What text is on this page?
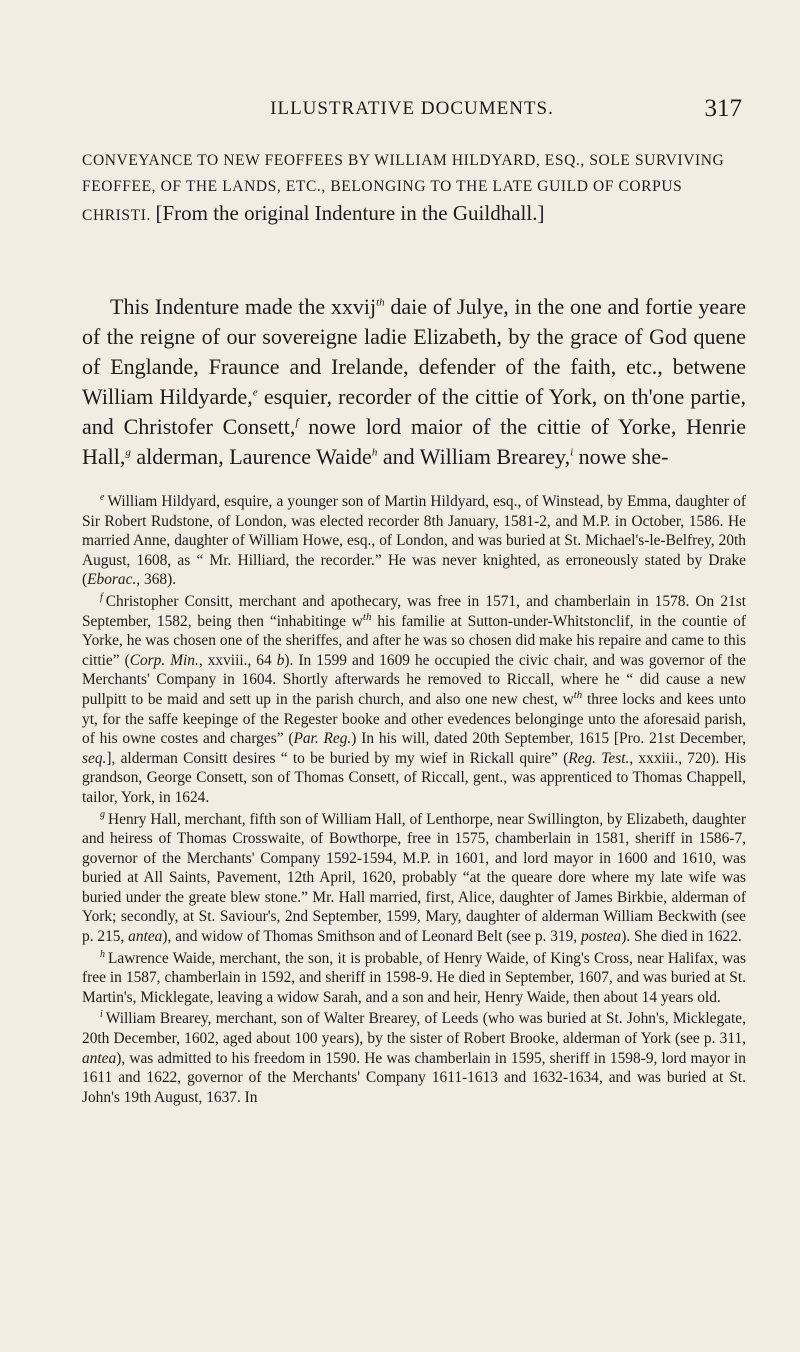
ILLUSTRATIVE DOCUMENTS.	317
CONVEYANCE TO NEW FEOFFEES BY WILLIAM HILDYARD, ESQ., SOLE SURVIVING FEOFFEE, OF THE LANDS, ETC., BELONGING TO THE LATE GUILD OF CORPUS CHRISTI. [From the original Indenture in the Guildhall.]

This Indenture made the xxvij$^{th}$ daie of Julye, in the one and fortie yeare of the reigne of our sovereigne ladie Elizabeth, by the grace of God quene of Englande, Fraunce and Irelande, defender of the faith, etc., betwene William Hildyarde,$^e$ esquier, recorder of the cittie of York, on th'one partie, and Christofer Consett,$^f$ nowe lord maior of the cittie of Yorke, Henrie Hall,$^g$ alderman, Laurence Waide$^h$ and William Brearey,$^i$ nowe she-

$^e$ William Hildyard, esquire, a younger son of Martin Hildyard, esq., of Winstead, by Emma, daughter of Sir Robert Rudstone, of London, was elected recorder 8th January, 1581-2, and M.P. in October, 1586. He married Anne, daughter of William Howe, esq., of London, and was buried at St. Michael's-le-Belfrey, 20th August, 1608, as “ Mr. Hilliard, the recorder.” He was never knighted, as erroneously stated by Drake (Eborac., 368).

$^f$ Christopher Consitt, merchant and apothecary, was free in 1571, and chamberlain in 1578. On 21st September, 1582, being then “inhabitinge $w^{th}$ his familie at Sutton-under-Whitstonclif, in the countie of Yorke, he was chosen one of the sheriffes, and after he was so chosen did make his repaire and came to this cittie” (Corp. Min., xxviii., 64 b). In 1599 and 1609 he occupied the civic chair, and was governor of the Merchants' Company in 1604. Shortly afterwards he removed to Riccall, where he “ did cause a new pullpitt to be maid and sett up in the parish church, and also one new chest, $w^{th}$ three locks and kees unto yt, for the saffe keepinge of the Regester booke and other evedences belonginge unto the aforesaid parish, of his owne costes and charges” (Par. Reg.) In his will, dated 20th September, 1615 [Pro. 21st December, seq.], alderman Consitt desires “ to be buried by my wief in Rickall quire” (Reg. Test., xxxiii., 720). His grandson, George Consett, son of Thomas Consett, of Riccall, gent., was apprenticed to Thomas Chappell, tailor, York, in 1624.

$^g$ Henry Hall, merchant, fifth son of William Hall, of Lenthorpe, near Swillington, by Elizabeth, daughter and heiress of Thomas Crosswaite, of Bowthorpe, free in 1575, chamberlain in 1581, sheriff in 1586-7, governor of the Merchants' Company 1592-1594, M.P. in 1601, and lord mayor in 1600 and 1610, was buried at All Saints, Pavement, 12th April, 1620, probably “at the queare dore where my late wife was buried under the greate blew stone.” Mr. Hall married, first, Alice, daughter of James Birkbie, alderman of York; secondly, at St. Saviour's, 2nd September, 1599, Mary, daughter of alderman William Beckwith (see p. 215, antea), and widow of Thomas Smithson and of Leonard Belt (see p. 319, postea). She died in 1622.

$^h$ Lawrence Waide, merchant, the son, it is probable, of Henry Waide, of King's Cross, near Halifax, was free in 1587, chamberlain in 1592, and sheriff in 1598-9. He died in September, 1607, and was buried at St. Martin's, Micklegate, leaving a widow Sarah, and a son and heir, Henry Waide, then about 14 years old.

$^i$ William Brearey, merchant, son of Walter Brearey, of Leeds (who was buried at St. John's, Micklegate, 20th December, 1602, aged about 100 years), by the sister of Robert Brooke, alderman of York (see p. 311, antea), was admitted to his freedom in 1590. He was chamberlain in 1595, sheriff in 1598-9, lord mayor in 1611 and 1622, governor of the Merchants' Company 1611-1613 and 1632-1634, and was buried at St. John's 19th August, 1637. In
